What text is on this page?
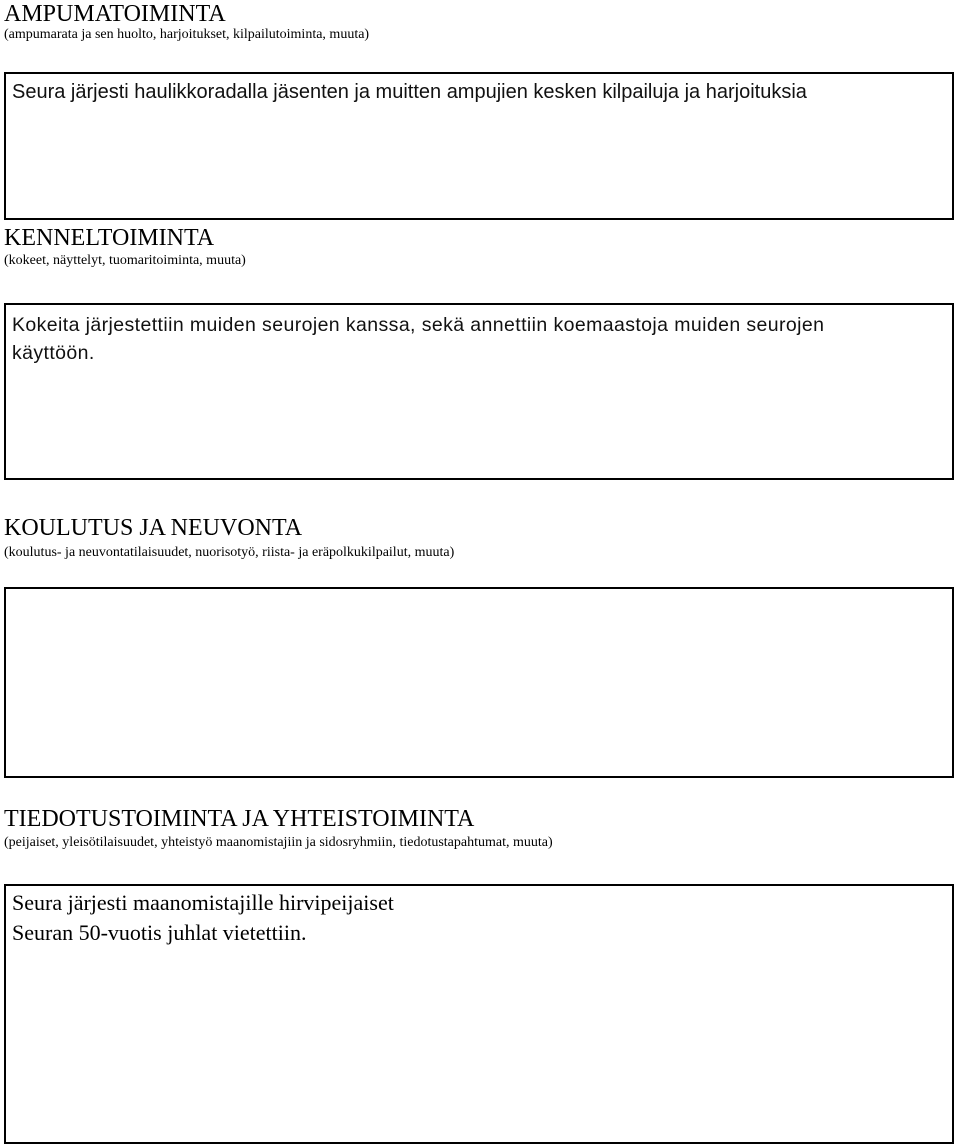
AMPUMATOIMINTA
(ampumarata ja sen huolto, harjoitukset, kilpailutoiminta, muuta)
Seura järjesti haulikkoradalla jäsenten ja muitten ampujien kesken kilpailuja ja harjoituksia
KENNELTOIMINTA
(kokeet, näyttelyt, tuomaritoiminta, muuta)
Kokeita järjestettiin muiden seurojen kanssa, sekä annettiin koemaastoja muiden seurojen
käyttöön.
KOULUTUS JA NEUVONTA
(koulutus- ja neuvontatilaisuudet, nuorisotyö, riista- ja eräpolkukilpailut, muuta)
TIEDOTUSTOIMINTA JA YHTEISTOIMINTA
(peijaiset, yleisötilaisuudet, yhteistyö maanomistajiin ja sidosryhmiin, tiedotustapahtumat, muuta)
Seura järjesti maanomistajille hirvipeijaiset
Seuran 50-vuotis juhlat vietettiin.
